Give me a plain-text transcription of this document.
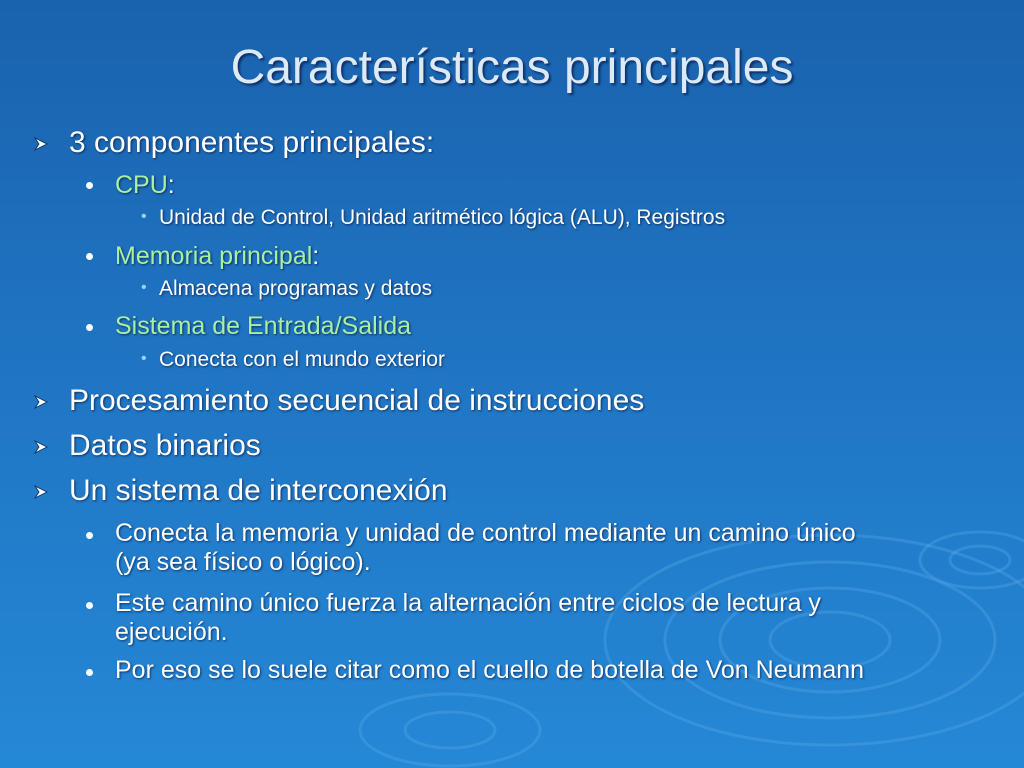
Características principales
3 componentes principales:
CPU:
• Unidad de Control, Unidad aritmético lógica (ALU), Registros
Memoria principal:
• Almacena programas y datos
Sistema de Entrada/Salida
• Conecta con el mundo exterior
Procesamiento secuencial de instrucciones
Datos binarios
Un sistema de interconexión
Conecta la memoria y unidad de control mediante un camino único
(ya sea físico o lógico).
Este camino único fuerza la alternación entre ciclos de lectura y
ejecución.
Por eso se lo suele citar como el cuello de botella de Von Neumann
